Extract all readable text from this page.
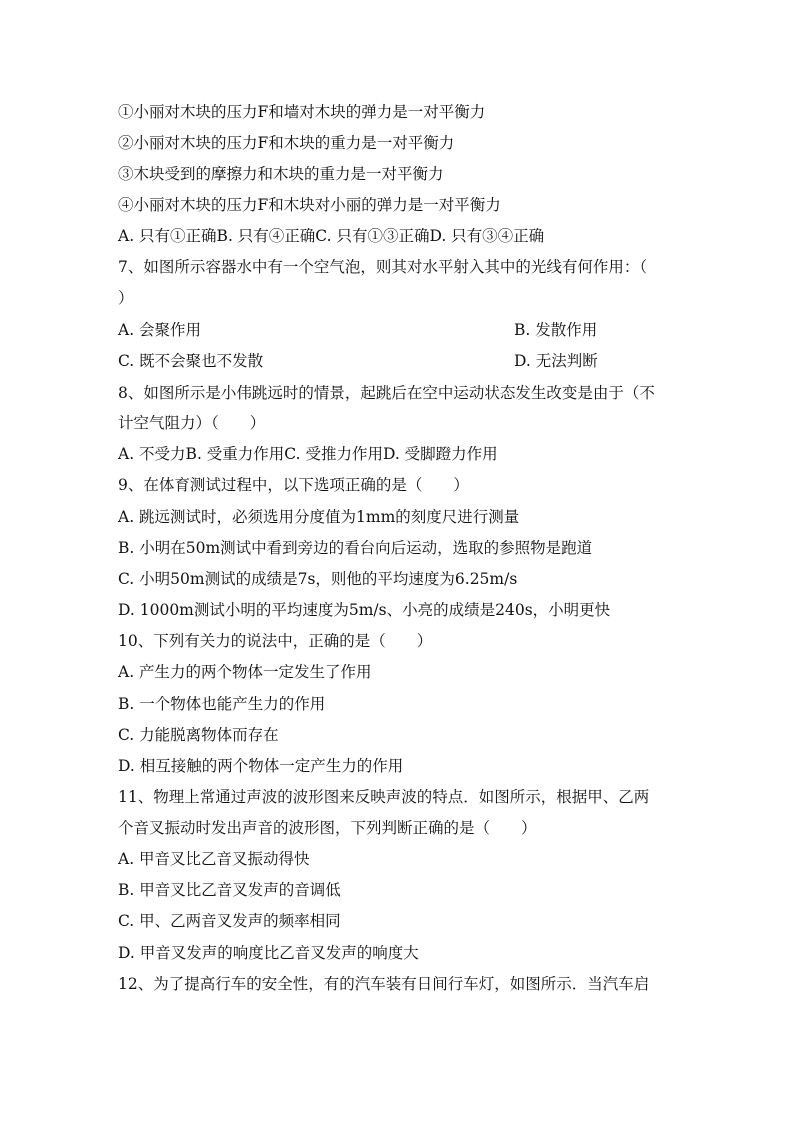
①小丽对木块的压力F和墙对木块的弹力是一对平衡力
②小丽对木块的压力F和木块的重力是一对平衡力
③木块受到的摩擦力和木块的重力是一对平衡力
④小丽对木块的压力F和木块对小丽的弹力是一对平衡力
A. 只有①正确B. 只有④正确C. 只有①③正确D. 只有③④正确
7、如图所示容器水中有一个空气泡，则其对水平射入其中的光线有何作用：（
）
A. 会聚作用	B. 发散作用
C. 既不会聚也不发散	D. 无法判断
8、如图所示是小伟跳远时的情景，起跳后在空中运动状态发生改变是由于（不
计空气阻力）（　　）
A. 不受力B. 受重力作用C. 受推力作用D. 受脚蹬力作用
9、在体育测试过程中，以下选项正确的是（　　）
A. 跳远测试时，必须选用分度值为1mm的刻度尺进行测量
B. 小明在50m测试中看到旁边的看台向后运动，选取的参照物是跑道
C. 小明50m测试的成绩是7s，则他的平均速度为6.25m/s
D. 1000m测试小明的平均速度为5m/s、小亮的成绩是240s，小明更快
10、下列有关力的说法中，正确的是（　　）
A. 产生力的两个物体一定发生了作用
B. 一个物体也能产生力的作用
C. 力能脱离物体而存在
D. 相互接触的两个物体一定产生力的作用
11、物理上常通过声波的波形图来反映声波的特点．如图所示，根据甲、乙两
个音叉振动时发出声音的波形图，下列判断正确的是（　　）
A. 甲音叉比乙音叉振动得快
B. 甲音叉比乙音叉发声的音调低
C. 甲、乙两音叉发声的频率相同
D. 甲音叉发声的响度比乙音叉发声的响度大
12、为了提高行车的安全性，有的汽车装有日间行车灯，如图所示．当汽车启
